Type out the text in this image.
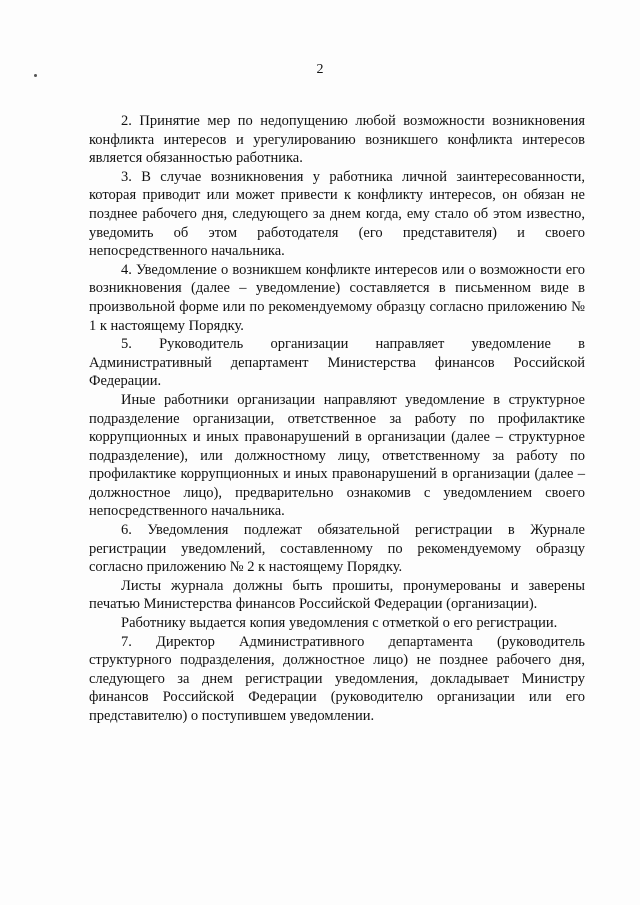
2

2. Принятие мер по недопущению любой возможности возникновения конфликта интересов и урегулированию возникшего конфликта интересов является обязанностью работника.

3. В случае возникновения у работника личной заинтересованности, которая приводит или может привести к конфликту интересов, он обязан не позднее рабочего дня, следующего за днем когда, ему стало об этом известно, уведомить об этом работодателя (его представителя) и своего непосредственного начальника.

4. Уведомление о возникшем конфликте интересов или о возможности его возникновения (далее – уведомление) составляется в письменном виде в произвольной форме или по рекомендуемому образцу согласно приложению № 1 к настоящему Порядку.

5. Руководитель организации направляет уведомление в Административный департамент Министерства финансов Российской Федерации.

Иные работники организации направляют уведомление в структурное подразделение организации, ответственное за работу по профилактике коррупционных и иных правонарушений в организации (далее – структурное подразделение), или должностному лицу, ответственному за работу по профилактике коррупционных и иных правонарушений в организации (далее – должностное лицо), предварительно ознакомив с уведомлением своего непосредственного начальника.

6. Уведомления подлежат обязательной регистрации в Журнале регистрации уведомлений, составленному по рекомендуемому образцу согласно приложению № 2 к настоящему Порядку.

Листы журнала должны быть прошиты, пронумерованы и заверены печатью Министерства финансов Российской Федерации (организации).

Работнику выдается копия уведомления с отметкой о его регистрации.

7. Директор Административного департамента (руководитель структурного подразделения, должностное лицо) не позднее рабочего дня, следующего за днем регистрации уведомления, докладывает Министру финансов Российской Федерации (руководителю организации или его представителю) о поступившем уведомлении.
